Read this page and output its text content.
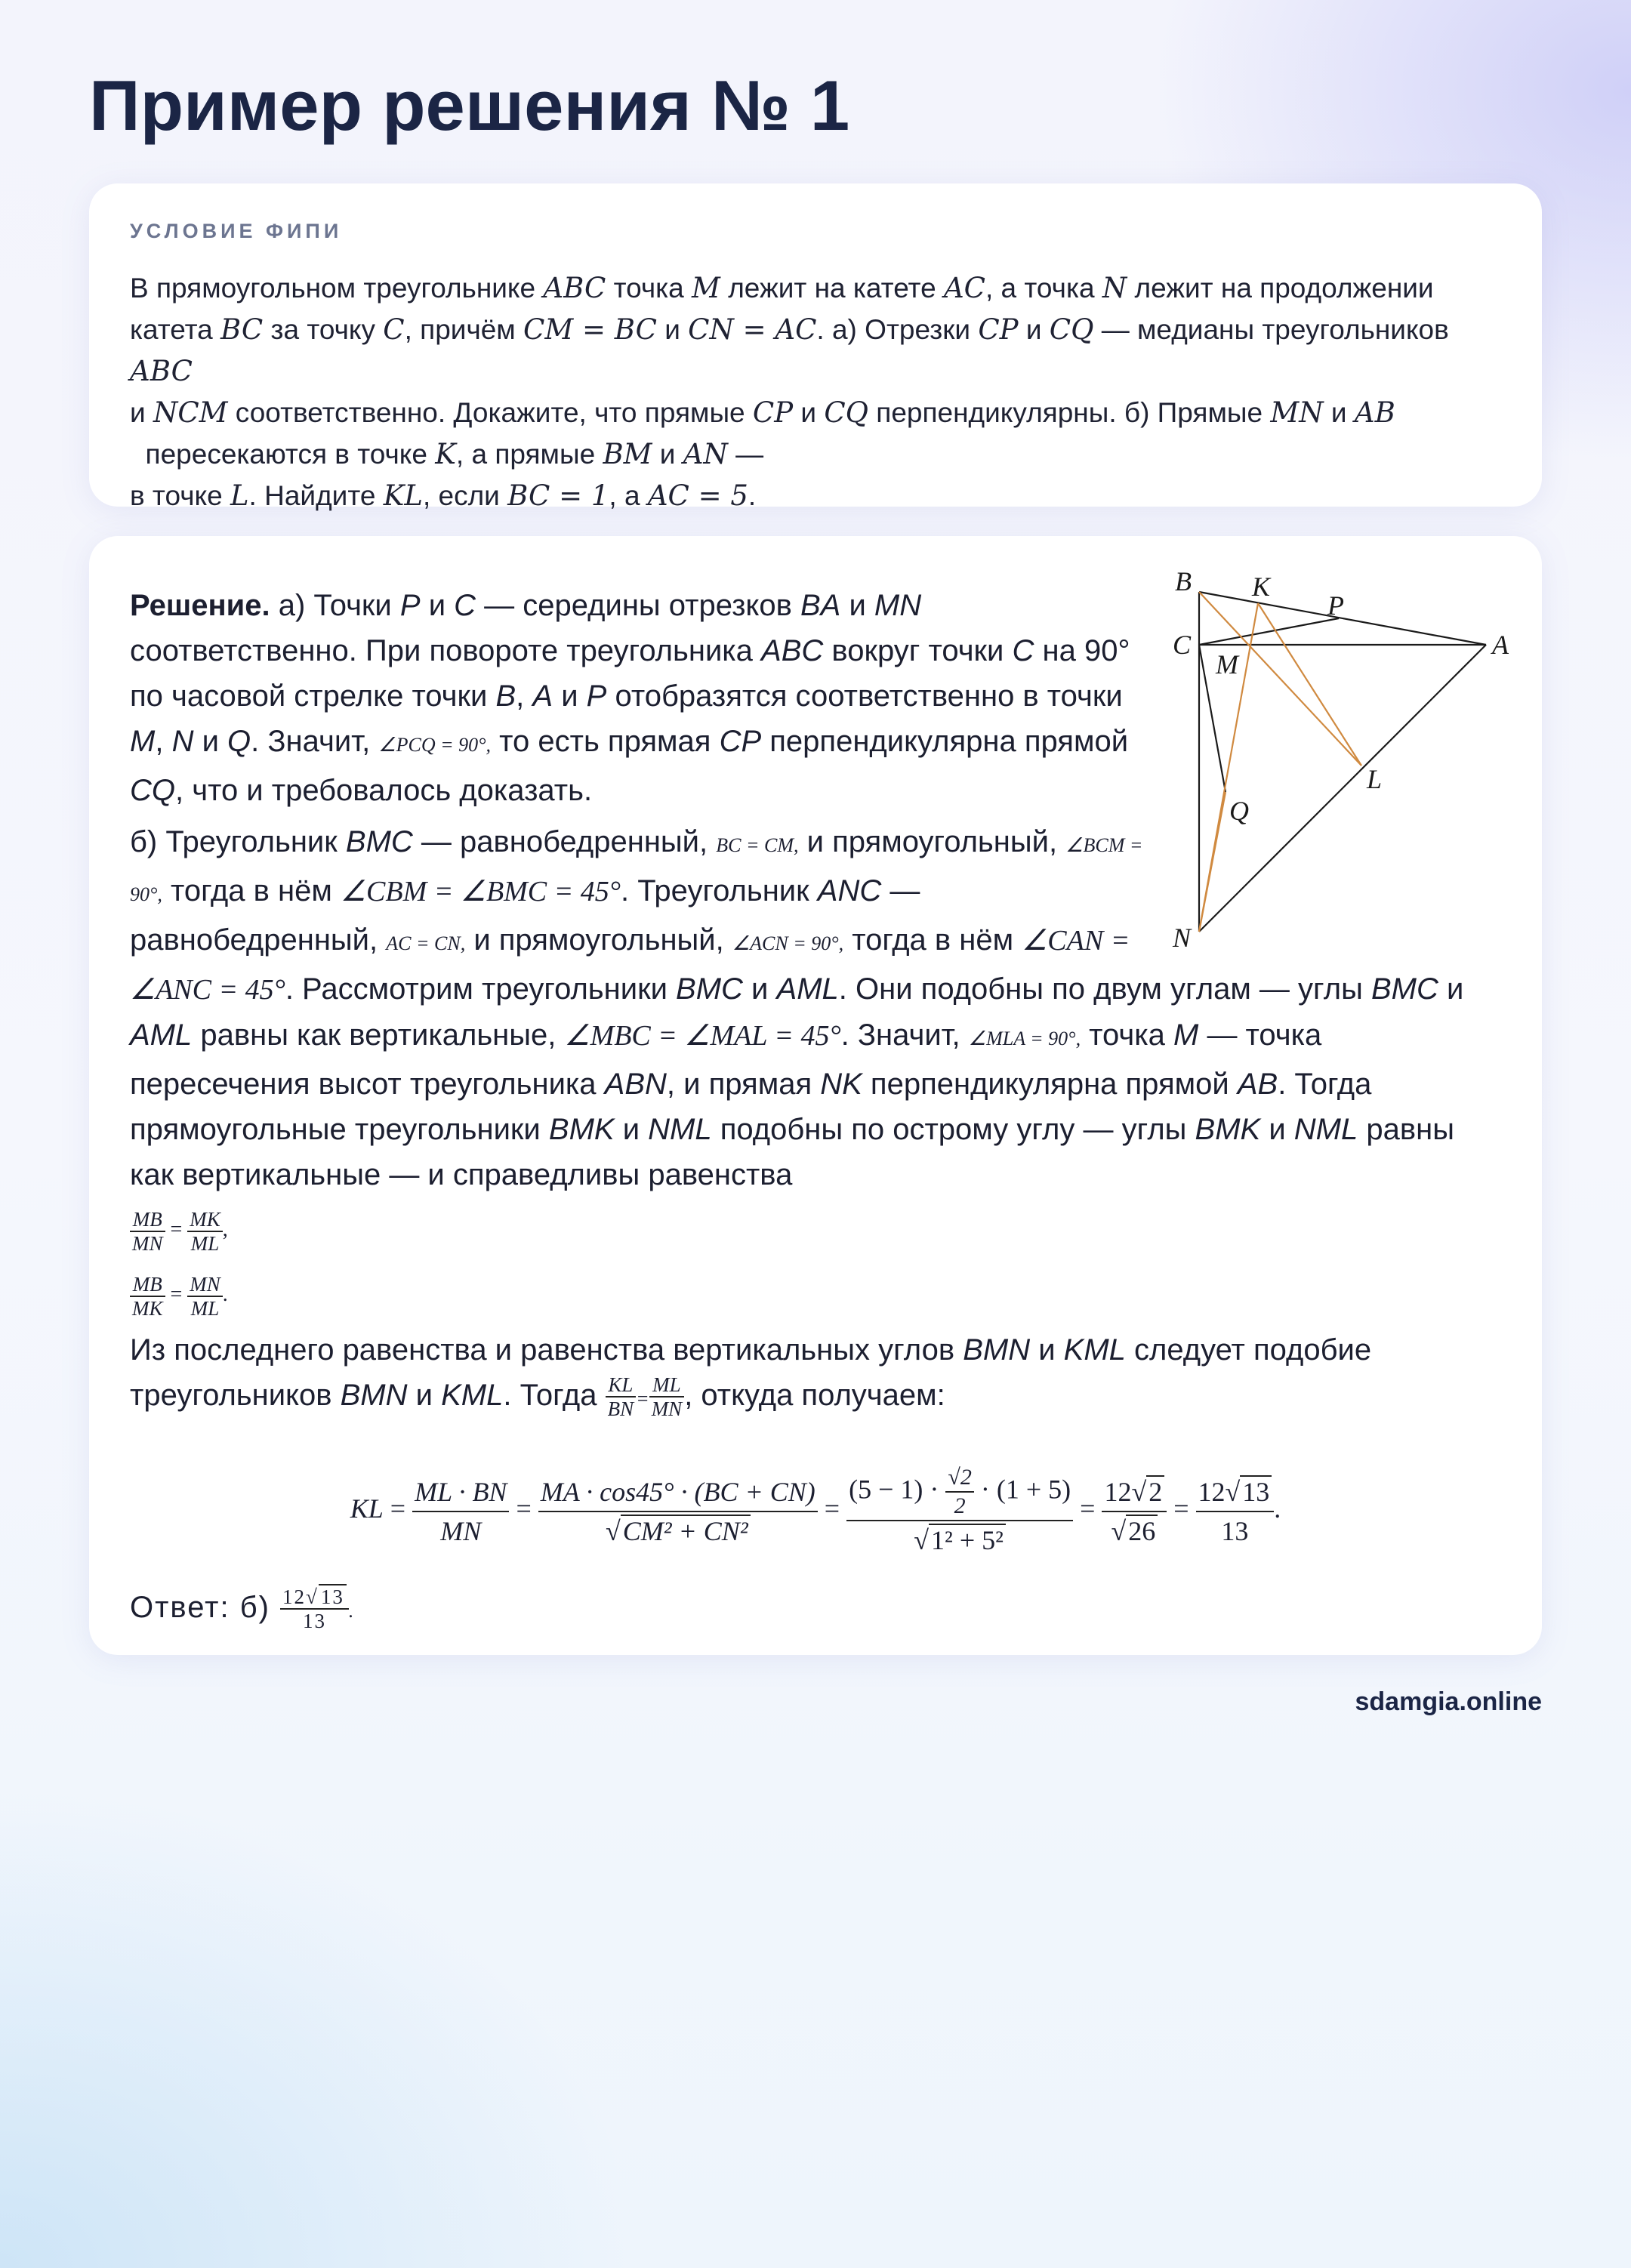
Пример решения № 1
УСЛОВИЕ ФИПИ
В прямоугольном треугольнике ABC точка M лежит на катете AC, а точка N лежит на продолжении катета BC за точку C, причём CM = BC и CN = AC. а) Отрезки CP и CQ — медианы треугольников ABC
и NCM соответственно. Докажите, что прямые CP и CQ перпендикулярны. б) Прямые MN и AB
пересекаются в точке K, а прямые BM и AN —
в точке L. Найдите KL, если BC = 1, а AC = 5.
B K
P
C
M
A
L
Q
N

Решение. а) Точки P и C — середины отрезков BA и MN соответственно. При повороте треугольника ABC вокруг точки C на 90° по часовой стрелке точки B, A и P отобразятся соответственно в точки M, N и Q. Значит, ∠PCQ = 90°, то есть прямая CP перпендикулярна прямой CQ, что и требовалось доказать.

б) Треугольник BMC — равнобедренный, BC = CM, и прямоугольный, ∠BCM = 90°, тогда в нём ∠CBM = ∠BMC = 45°. Треугольник ANC — равнобедренный, AC = CN, и прямоугольный, ∠ACN = 90°, тогда в нём ∠CAN = ∠ANC = 45°. Рассмотрим треугольники BMC и AML. Они подобны по двум углам — углы BMC и AML равны как вертикальные, ∠MBC = ∠MAL = 45°. Значит, ∠MLA = 90°, точка M — точка пересечения высот треугольника ABN, и прямая NK перпендикулярна прямой AB. Тогда прямоугольные треугольники BMK и NML подобны по острому углу — углы BMK и NML равны как вертикальные — и справедливы равенства

$\frac{MB}{MN} = \frac{MK}{ML}$ ,
$\frac{MB}{MK} = \frac{MN}{ML}$ .

Из последнего равенства и равенства вертикальных углов BMN и KML следует подобие треугольников BMN и KML. Тогда $\frac{KL}{BN} = \frac{ML}{MN}$ , откуда получаем:

KL = $\frac{ML \cdot BN}{MN} = \frac{MA \cdot \cos 45^\circ \cdot (BC + CN)}{\text{√CM² + CN²}} = \frac{(5 - 1) \cdot \frac{√2}{2} \cdot (1 + 5)}{\text{√1² + 5²}} = \frac{12√2}{√26} = \frac{12√13}{13}$ .
Ответ: $б) \frac{12√ 13}{13}$ .
sdamgia.online
